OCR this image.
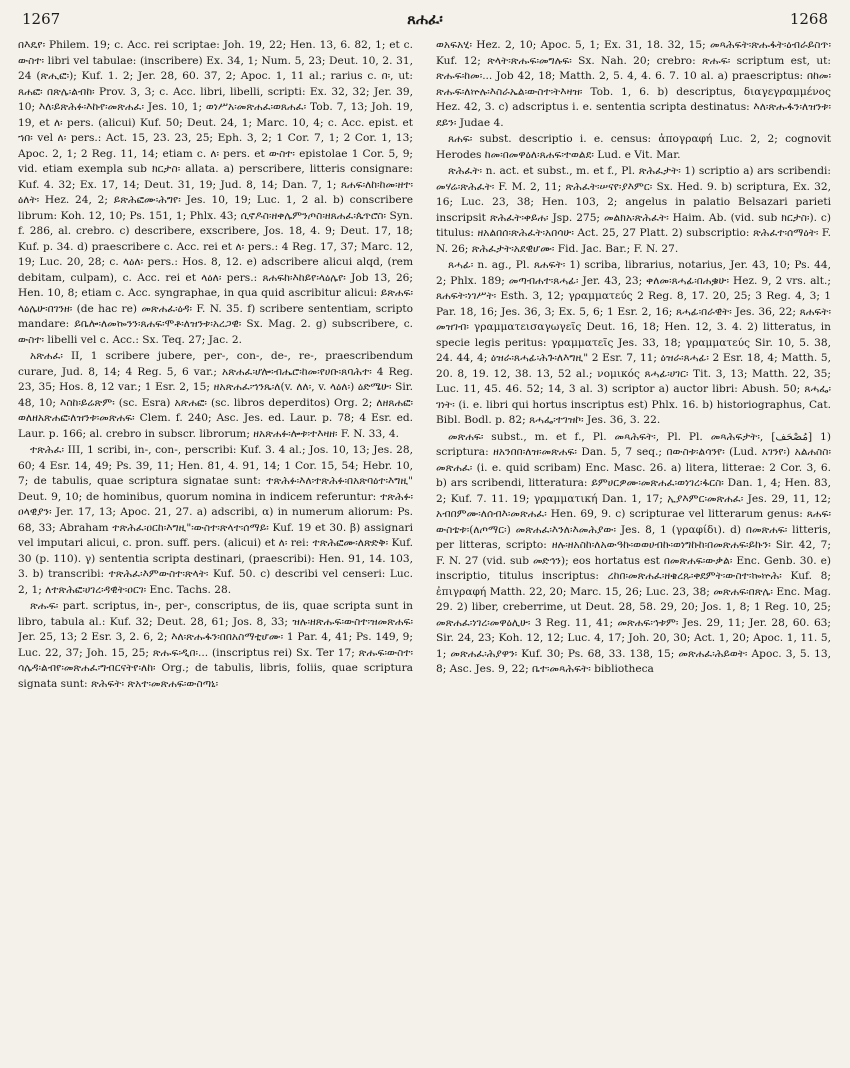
1267	ጸሐፈ፡	1268

በእዴየ፡ Philem. 19; c. Acc. rei scriptae: Joh. 19, 22; Hen. 13, 6. 82, 1; et c. ውስተ፡ libri vel tabulae: (inscribere) Ex. 34, 1; Num. 5, 23; Deut. 10, 2. 31, 24 (ጽሒፎ፡); Kuf. 1. 2; Jer. 28, 60. 37, 2; Apoc. 1, 11 al.; rarius c. በ፡, ut: ጸሐፎ፡ በጽሌ፡ልብከ፡ Prov. 3, 3; c. Acc. libri, libelli, scripti: Ex. 32, 32; Jer. 39, 10; እለ፡ይጽሕፉ፡እኩየ፡መጽሐፈ፡ Jes. 10, 1; ወነሥአ፡መጽሐፈ፡ወጸሐፈ፡ Tob. 7, 13; Joh. 19, 19, et ለ፡ pers. (alicui) Kuf. 50; Deut. 24, 1; Marc. 10, 4; c. Acc. epist. et ኀበ፡ vel ለ፡ pers.: Act. 15, 23. 23, 25; Eph. 3, 2; 1 Cor. 7, 1; 2 Cor. 1, 13; Apoc. 2, 1; 2 Reg. 11, 14; etiam c. ለ፡ pers. et ውስተ፡ epistolae 1 Cor. 5, 9; vid. etiam exempla sub ክርታስ፡ allata. a) perscribere, litteris consignare: Kuf. 4. 32; Ex. 17, 14; Deut. 31, 19; Jud. 8, 14; Dan. 7, 1; ጸሐፍ፡ለከ፡ከመ፡ዘተ፡ዕለት፡ Hez. 24, 2; ይጽሕፎሙ፡ሕግየ፡ Jes. 10, 19; Luc. 1, 2 al. b) conscribere librum: Koh. 12, 10; Ps. 151, 1; Phlx. 43; ሲኖዶስ፡ዘቀሌምንጦስ፡ዘጸሐፈ፡ጴጥሮስ፡ Syn. f. 286, al. crebro. c) describere, exscribere, Jos. 18, 4. 9; Deut. 17, 18; Kuf. p. 34. d) praescribere c. Acc. rei et ለ፡ pers.: 4 Reg. 17, 37; Marc. 12, 19; Luc. 20, 28; c. ላዕለ፡ pers.: Hos. 8, 12. e) adscribere alicui alqd, (rem debitam, culpam), c. Acc. rei et ላዕለ፡ pers.: ጸሐፍከ፡እከይየ፡ላዕሌየ፡ Job 13, 26; Hen. 10, 8; etiam c. Acc. syngraphae, in qua quid ascribitur alicui: ይጽሐፍ፡ላዕሌሁ፡በገንዘ፡ (de hac re) መጽሐፈ፡ዕዳ፡ F. N. 35. f) scribere sententiam, scripto mandare: ይቤሎ፡ለመኰንን፡ጸሐፍ፡ሞቶ፡ለዝንቱ፡አረጋዊ፡ Sx. Mag. 2. g) subscribere, c. ውስተ፡ libelli vel c. Acc.: Sx. Teq. 27; Jac. 2.

አጽሐፈ፡ II, 1 scribere jubere, per-, con-, de-, re-, praescribendum curare, Jud. 8, 14; 4 Reg. 5, 6 var.; አጽሐፈ፡ሆሎ፡ብሔሮ፡ከመ፡የሀቡ፡ጸባሕተ፡ 4 Reg. 23, 35; Hos. 8, 12 var.; 1 Esr. 2, 15; ዘአጽሐፈ፡ኀንጼ፡ለ(v. ለለ፡, v. ላዕለ፡) ዕድሜሁ፡ Sir. 48, 10; እስከ፡ይሬጽም፡ (sc. Esra) አጽሐፎ፡ (sc. libros deperditos) Org. 2; ለዘጸሐፎ፡ ወለዘአጽሐፎ፡ለዝንቱ፡መጽሐፍ፡ Clem. f. 240; Asc. Jes. ed. Laur. p. 78; 4 Esr. ed. Laur. p. 166; al. crebro in subscr. librorum; ዘአጽሐፉ፡ሎቱ፡ተእዛዘ፡ F. N. 33, 4.

ተጽሕፈ፡ III, 1 scribi, in-, con-, perscribi: Kuf. 3. 4 al.; Jos. 10, 13; Jes. 28, 60; 4 Esr. 14, 49; Ps. 39, 11; Hen. 81, 4. 91, 14; 1 Cor. 15, 54; Hebr. 10, 7; de tabulis, quae scriptura signatae sunt: ተጽሕፉ፡እለ፡ተጽሕፉ፡በአጽባዕተ፡እግዚ" Deut. 9, 10; de hominibus, quorum nomina in indicem referuntur: ተጽሕፉ፡ዐላዊያን፡ Jer. 17, 13; Apoc. 21, 27. a) adscribi, α) in numerum aliorum: Ps. 68, 33; Abraham ተጽሕፈ፡ዐርከ፡እግዚ"፡ውስተ፡ጽላተ፡ሰማይ፡ Kuf. 19 et 30. β) assignari vel imputari alicui, c. pron. suff. pers. (alicui) et ለ፡ rei: ተጽሕፎሙ፡ለጽድቅ፡ Kuf. 30 (p. 110). γ) sententia scripta destinari, (praescribi): Hen. 91, 14. 103, 3. b) transcribi: ተጽሕፈ፡እምውስተ፡ጽላት፡ Kuf. 50. c) describi vel censeri: Luc. 2, 1; ለተጽሕፎ፡ሀገረ፡ዳዊት፡ዐርገ፡ Enc. Tachs. 28.

ጽሑፍ፡ part. scriptus, in-, per-, conscriptus, de iis, quae scripta sunt in libro, tabula al.: Kuf. 32; Deut. 28, 61; Jos. 8, 33; ዝሉ፡ዘጽሑፍ፡ውስተ፡ዝመጽሐፍ፡ Jer. 25, 13; 2 Esr. 3, 2. 6, 2; እለ፡ጽሑፋን፡በበአስማቲሆሙ፡ 1 Par. 4, 41; Ps. 149, 9; Luc. 22, 37; Joh. 15, 25; ጽሑፍ፡ዲበ፡... (inscriptus rei) Sx. Ter 17; ጽሑፍ፡ውስተ፡ሳሌዳ፡ልብየ፡መጽሐፈ፡ግብርናትየ፡ለከ፡ Org.; de tabulis, libris, foliis, quae scriptura signata sunt: ጽሕፍት፡ ጽአተ፡መጽሐፍ፡ውስጣኒ፡

ወአፍአሂ፡ Hez. 2, 10; Apoc. 5, 1; Ex. 31, 18. 32, 15; መጻሕፍት፡ጽሑፋት፡ዕብራይስጥ፡ Kuf. 12; ጽላት፡ጽሑፍ፡መግሉፍ፡ Sx. Nah. 20; crebro: ጽሑፍ፡ scriptum est, ut: ጽሑፍ፡ከመ፡... Job 42, 18; Matth. 2, 5. 4, 4. 6. 7. 10 al. a) praescriptus: በከመ፡ጽሑፍ፡ለኵሉ፡እስራኤል፡ውስተ፡ትእዛዝ፡ Tob. 1, 6. b) descriptus, διαγεγραμμένος Hez. 42, 3. c) adscriptus i. e. sententia scripta destinatus: እለ፡ጽሑፋን፡ለዝንቱ፡ደይን፡ Judae 4.

ጸሐፍ፡ subst. descriptio i. e. census: ἀπογραφή Luc. 2, 2; cognovit Herodes ከመ፡በመዋዕለ፡ጸሐፍ፡ተወልደ፡ Lud. e Vit. Mar.

ጽሕፈት፡ n. act. et subst., m. et f., Pl. ጽሕፈታት፡ 1) scriptio a) ars scribendi: መሃሬ፡ጽሕፈት፡ F. M. 2, 11; ጽሕፈት፡ሠናየ፡ያእምር፡ Sx. Hed. 9. b) scriptura, Ex. 32, 16; Luc. 23, 38; Hen. 103, 2; angelus in palatio Belsazari parieti inscripsit ጽሕፈት፡ቀይሐ፡ Jsp. 275; መልክአ፡ጽሕፈት፡ Haim. Ab. (vid. sub ክርታስ፡). c) titulus: ዘአልበሰ፡ጽሕፈት፡አበሳሁ፡ Act. 25, 27 Platt. 2) subscriptio: ጽሕፈተ፡ሰማዕት፡ F. N. 26; ጽሕፈታት፡አደዊሆሙ፡ Fid. Jac. Bar.; F. N. 27.

ጸሓፊ፡ n. ag., Pl. ጸሐፍት፡ 1) scriba, librarius, notarius, Jer. 43, 10; Ps. 44, 2; Phlx. 189; መጣብሐተ፡ጸሓፊ፡ Jer. 43, 23; ቀለመ፡ጸሓፊ፡በሐቌሁ፡ Hez. 9, 2 vrs. alt.; ጸሐፍት፡ነገሥት፡ Esth. 3, 12; γραμματεύς 2 Reg. 8, 17. 20, 25; 3 Reg. 4, 3; 1 Par. 18, 16; Jes. 36, 3; Ex. 5, 6; 1 Esr. 2, 16; ጸሓፊ፡በራዊት፡ Jes. 36, 22; ጸሐፍት፡መዝገብ፡ γραμματεισαγωγεῖς Deut. 16, 18; Hen. 12, 3. 4. 2) litteratus, in specie legis peritus: γραμματεῖς Jes. 33, 18; γραμματεύς Sir. 10, 5. 38, 24. 44, 4; ዕዝራ፡ጸሓፊ፡ሕጉ፡ለእግዚ" 2 Esr. 7, 11; ዕዝራ፡ጸሓፊ፡ 2 Esr. 18, 4; Matth. 5, 20. 8, 19. 12, 38. 13, 52 al.; νομικός ጸሓፊ፡ሀገር፡ Tit. 3, 13; Matth. 22, 35; Luc. 11, 45. 46. 52; 14, 3 al. 3) scriptor a) auctor libri: Abush. 50; ጸሓፌ፡ገነት፡ (i. e. libri qui hortus inscriptus est) Phlx. 16. b) historiographus, Cat. Bibl. Bodl. p. 82; ጸሓፌ፡ተገዝኮ፡ Jes. 36, 3. 22.

መጽሐፍ፡ subst., m. et f., Pl. መጻሕፍት፡, Pl. Pl. መጻሕፍታት፡, [مُصْحَف] 1) scriptura: ዘአንበበ፡ለዝ፡መጽሐፍ፡ Dan. 5, 7 seq.; በውስቱ፡ልሳንየ፡ (Lud. አገንየ፡) አልሐስስ፡መጽሐፈ፡ (i. e. quid scribam) Enc. Masc. 26. a) litera, litterae: 2 Cor. 3, 6. b) ars scribendi, litteratura: ይምሀርዎሙ፡መጽሐፈ፡ወነገረ፡ፋርስ፡ Dan. 1, 4; Hen. 83, 2; Kuf. 7. 11. 19; γραμματική Dan. 1, 17; ኢያእምር፡መጽሐፈ፡ Jes. 29, 11, 12; አብበምሙ፡ለሰብእ፡መጽሐፈ፡ Hen. 69, 9. c) scripturae vel litterarum genus: ጸሐፍ፡ውስቴቱ፡(ለጦማር፡) መጽሐፈ፡እንለ፡እመሕያው፡ Jes. 8, 1 (γραφίδι). d) በመጽሐፍ፡ litteris, per litteras, scripto: ዘሉ፡ዘአስከ፡ለአውዓኩ፡ወወሀብኩ፡ወነግኩከ፡በመጽሐፍ፡ይኩን፡ Sir. 42, 7; F. N. 27 (vid. sub መድኅን); eos hortatus est በመጽሐፍ፡ውቃል፡ Enc. Genb. 30. e) inscriptio, titulus inscriptus: ረከበ፡መጽሐፈ፡ዘቄረጹ፡ቀደምት፡ውስተ፡ኰኵሕ፡ Kuf. 8; ἐπιγραφή Matth. 22, 20; Marc. 15, 26; Luc. 23, 38; መጽሐፍ፡በጽሌ፡ Enc. Mag. 29. 2) liber, creberrime, ut Deut. 28, 58. 29, 20; Jos. 1, 8; 1 Reg. 10, 25; መጽሐፈ፡ነገረ፡መዋዕሊሁ፡ 3 Reg. 11, 41; መጽሐፍ፡ኅቱም፡ Jes. 29, 11; Jer. 28, 60. 63; Sir. 24, 23; Koh. 12, 12; Luc. 4, 17; Joh. 20, 30; Act. 1, 20; Apoc. 1, 11. 5, 1; መጽሐፈ፡ሕያዋን፡ Kuf. 30; Ps. 68, 33. 138, 15; መጽሐፈ፡ሕይወት፡ Apoc. 3, 5. 13, 8; Asc. Jes. 9, 22; ቤተ፡መጻሕፍት፡ bibliotheca
